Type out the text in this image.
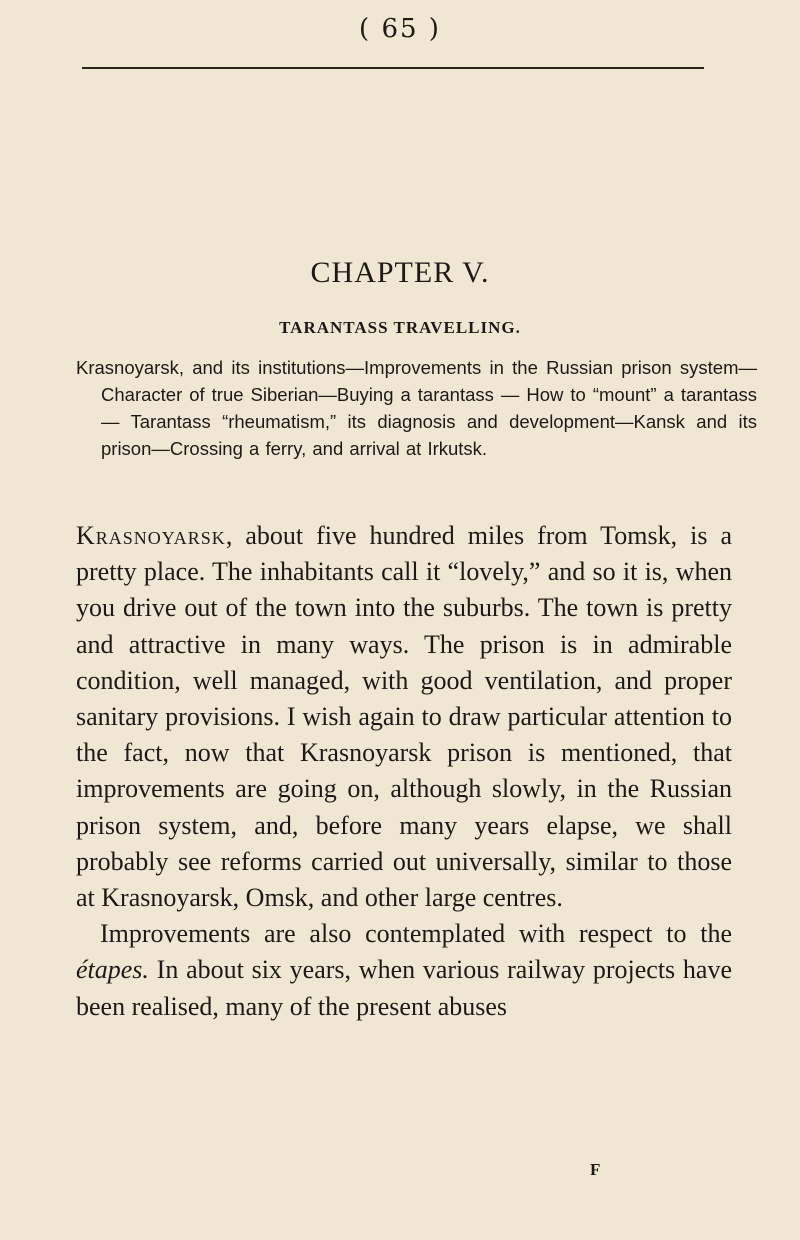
( 65 )
CHAPTER V.
TARANTASS TRAVELLING.
Krasnoyarsk, and its institutions—Improvements in the Russian prison system—Character of true Siberian—Buying a tarantass — How to “mount” a tarantass — Tarantass “rheumatism,” its diagnosis and development—Kansk and its prison—Crossing a ferry, and arrival at Irkutsk.

Krasnoyarsk, about five hundred miles from Tomsk, is a pretty place. The inhabitants call it “lovely,” and so it is, when you drive out of the town into the suburbs. The town is pretty and attractive in many ways. The prison is in admirable condition, well managed, with good ventilation, and proper sanitary provisions. I wish again to draw particular attention to the fact, now that Krasnoyarsk prison is mentioned, that improvements are going on, although slowly, in the Russian prison system, and, before many years elapse, we shall probably see reforms carried out universally, similar to those at Krasnoyarsk, Omsk, and other large centres.

Improvements are also contemplated with respect to the étapes. In about six years, when various railway projects have been realised, many of the present abuses

F
